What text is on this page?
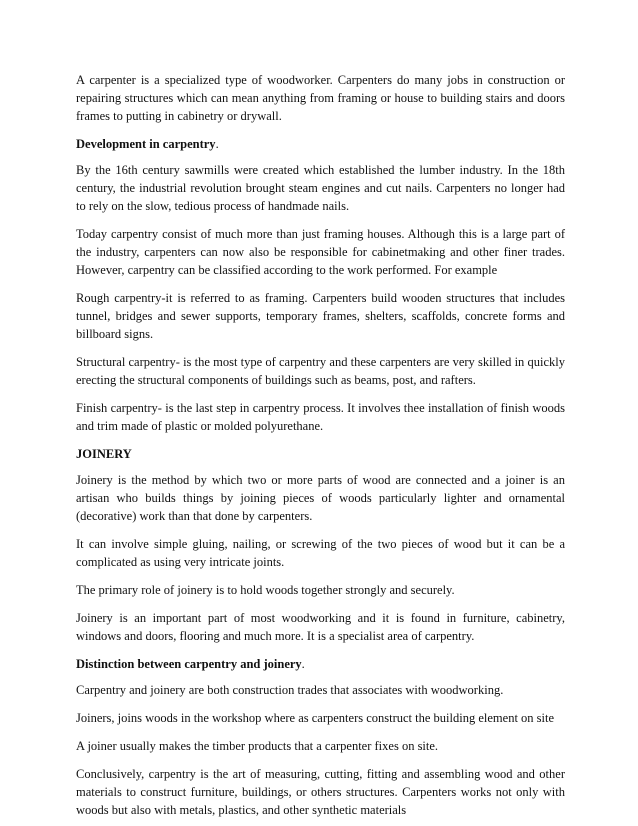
A carpenter is a specialized type of woodworker. Carpenters do many jobs in construction or repairing structures which can mean anything from framing or house to building stairs and doors frames to putting in cabinetry or drywall.

Development in carpentry.

By the 16th century sawmills were created which established the lumber industry. In the 18th century, the industrial revolution brought steam engines and cut nails. Carpenters no longer had to rely on the slow, tedious process of handmade nails.

Today carpentry consist of much more than just framing houses. Although this is a large part of the industry, carpenters can now also be responsible for cabinetmaking and other finer trades. However, carpentry can be classified according to the work performed. For example

Rough carpentry-it is referred to as framing. Carpenters build wooden structures that includes tunnel, bridges and sewer supports, temporary frames, shelters, scaffolds, concrete forms and billboard signs.

Structural carpentry- is the most type of carpentry and these carpenters are very skilled in quickly erecting the structural components of buildings such as beams, post, and rafters.

Finish carpentry- is the last step in carpentry process. It involves thee installation of finish woods and trim made of plastic or molded polyurethane.

JOINERY

Joinery is the method by which two or more parts of wood are connected and a joiner is an artisan who builds things by joining pieces of woods particularly lighter and ornamental (decorative) work than that done by carpenters.

It can involve simple gluing, nailing, or screwing of the two pieces of wood but it can be a complicated as using very intricate joints.

The primary role of joinery is to hold woods together strongly and securely.

Joinery is an important part of most woodworking and it is found in furniture, cabinetry, windows and doors, flooring and much more. It is a specialist area of carpentry.

Distinction between carpentry and joinery.

Carpentry and joinery are both construction trades that associates with woodworking.

Joiners, joins woods in the workshop where as carpenters construct the building element on site

A joiner usually makes the timber products that a carpenter fixes on site.

Conclusively, carpentry is the art of measuring, cutting, fitting and assembling wood and other materials to construct furniture, buildings, or others structures. Carpenters works not only with woods but also with metals, plastics, and other synthetic materials
